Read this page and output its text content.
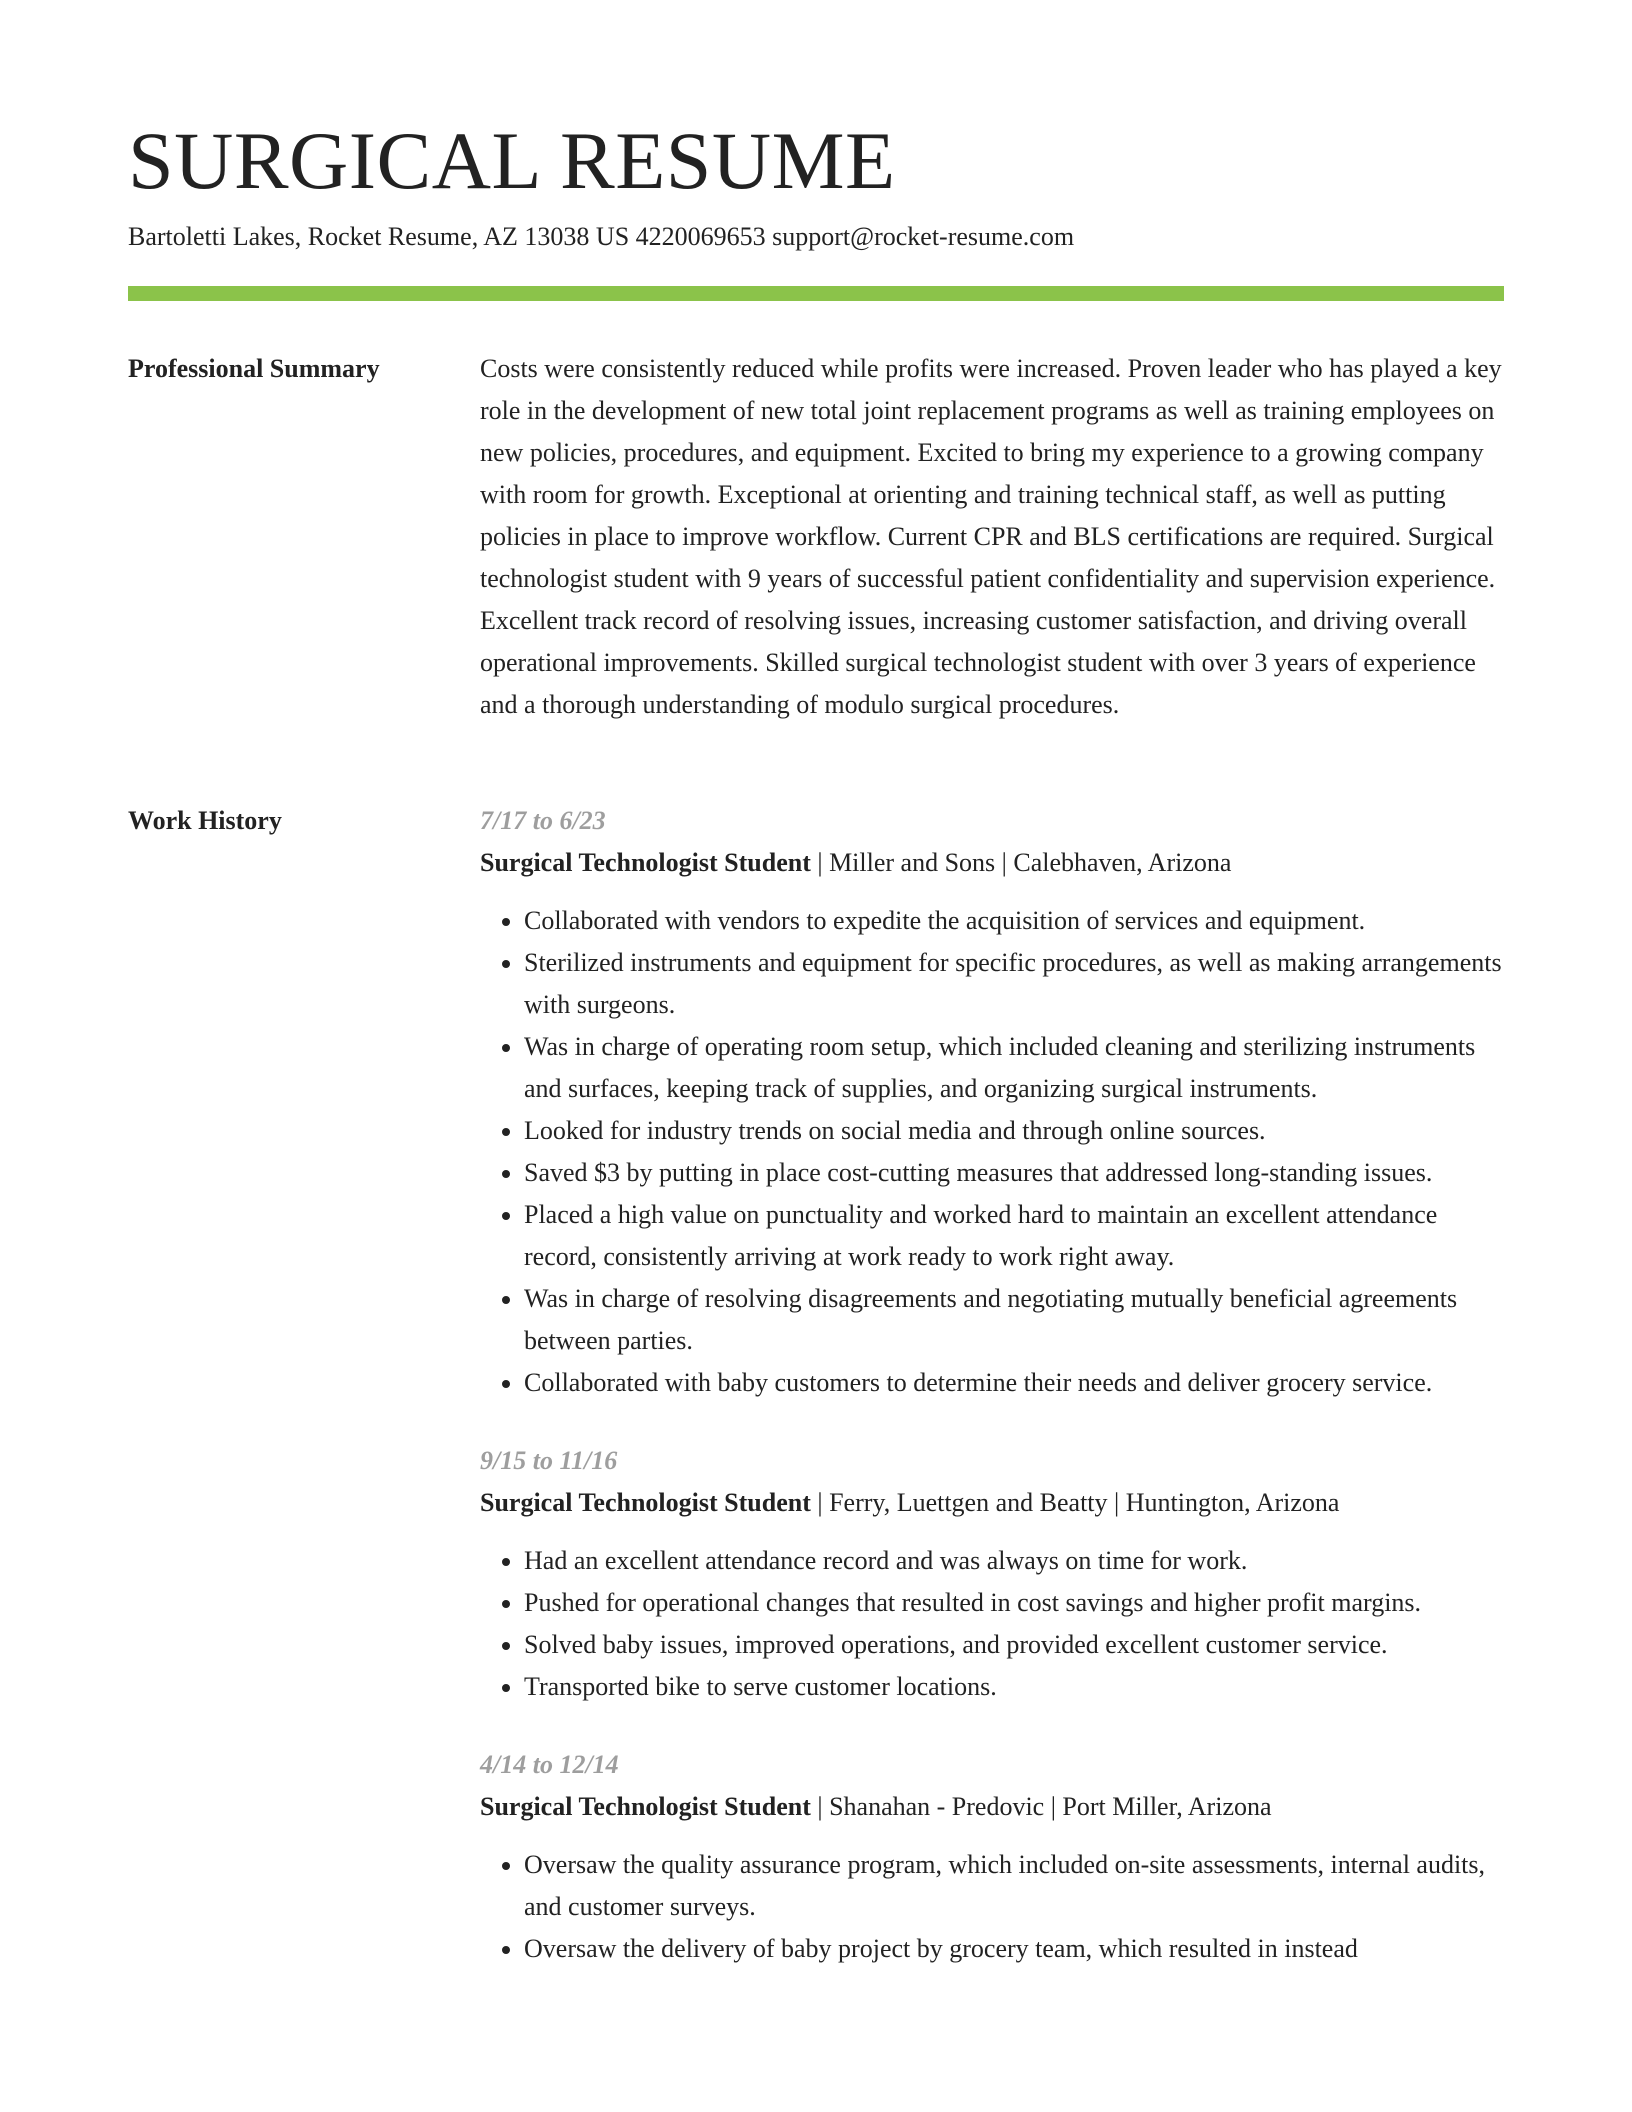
SURGICAL RESUME
Bartoletti Lakes, Rocket Resume, AZ 13038 US 4220069653 support@rocket-resume.com
Professional Summary	Costs were consistently reduced while profits were increased. Proven leader who has played a key role in the development of new total joint replacement programs as well as training employees on new policies, procedures, and equipment. Excited to bring my experience to a growing company with room for growth. Exceptional at orienting and training technical staff, as well as putting policies in place to improve workflow. Current CPR and BLS certifications are required. Surgical technologist student with 9 years of successful patient confidentiality and supervision experience. Excellent track record of resolving issues, increasing customer satisfaction, and driving overall operational improvements. Skilled surgical technologist student with over 3 years of experience and a thorough understanding of modulo surgical procedures.

Work History	7/17 to 6/23
Surgical Technologist Student | Miller and Sons | Calebhaven, Arizona
• Collaborated with vendors to expedite the acquisition of services and equipment.
• Sterilized instruments and equipment for specific procedures, as well as making arrangements with surgeons.
• Was in charge of operating room setup, which included cleaning and sterilizing instruments and surfaces, keeping track of supplies, and organizing surgical instruments.
• Looked for industry trends on social media and through online sources.
• Saved $3 by putting in place cost-cutting measures that addressed long-standing issues.
• Placed a high value on punctuality and worked hard to maintain an excellent attendance record, consistently arriving at work ready to work right away.
• Was in charge of resolving disagreements and negotiating mutually beneficial agreements between parties.
• Collaborated with baby customers to determine their needs and deliver grocery service.
9/15 to 11/16
Surgical Technologist Student | Ferry, Luettgen and Beatty | Huntington, Arizona
• Had an excellent attendance record and was always on time for work.
• Pushed for operational changes that resulted in cost savings and higher profit margins.
• Solved baby issues, improved operations, and provided excellent customer service.
• Transported bike to serve customer locations.
4/14 to 12/14
Surgical Technologist Student | Shanahan - Predovic | Port Miller, Arizona
• Oversaw the quality assurance program, which included on-site assessments, internal audits, and customer surveys.
• Oversaw the delivery of baby project by grocery team, which resulted in instead
